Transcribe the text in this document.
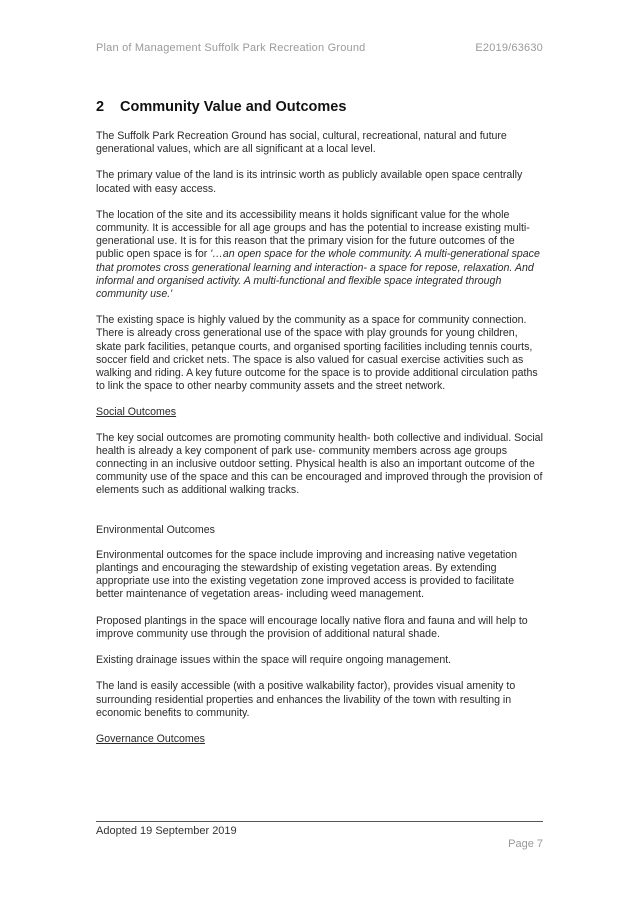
Plan of Management Suffolk Park Recreation Ground	E2019/63630
2 Community Value and Outcomes

The Suffolk Park Recreation Ground has social, cultural, recreational, natural and future generational values, which are all significant at a local level.

The primary value of the land is its intrinsic worth as publicly available open space centrally located with easy access.

The location of the site and its accessibility means it holds significant value for the whole community. It is accessible for all age groups and has the potential to increase existing multi-generational use. It is for this reason that the primary vision for the future outcomes of the public open space is for '…an open space for the whole community. A multi-generational space that promotes cross generational learning and interaction- a space for repose, relaxation. And informal and organised activity. A multi-functional and flexible space integrated through community use.'

The existing space is highly valued by the community as a space for community connection. There is already cross generational use of the space with play grounds for young children, skate park facilities, petanque courts, and organised sporting facilities including tennis courts, soccer field and cricket nets. The space is also valued for casual exercise activities such as walking and riding. A key future outcome for the space is to provide additional circulation paths to link the space to other nearby community assets and the street network.

Social Outcomes

The key social outcomes are promoting community health- both collective and individual. Social health is already a key component of park use- community members across age groups connecting in an inclusive outdoor setting. Physical health is also an important outcome of the community use of the space and this can be encouraged and improved through the provision of elements such as additional walking tracks.

Environmental Outcomes

Environmental outcomes for the space include improving and increasing native vegetation plantings and encouraging the stewardship of existing vegetation areas. By extending appropriate use into the existing vegetation zone improved access is provided to facilitate better maintenance of vegetation areas- including weed management.

Proposed plantings in the space will encourage locally native flora and fauna and will help to improve community use through the provision of additional natural shade.

Existing drainage issues within the space will require ongoing management.

The land is easily accessible (with a positive walkability factor), provides visual amenity to surrounding residential properties and enhances the livability of the town with resulting in economic benefits to community.

Governance Outcomes

Adopted 19 September 2019
Page 7
